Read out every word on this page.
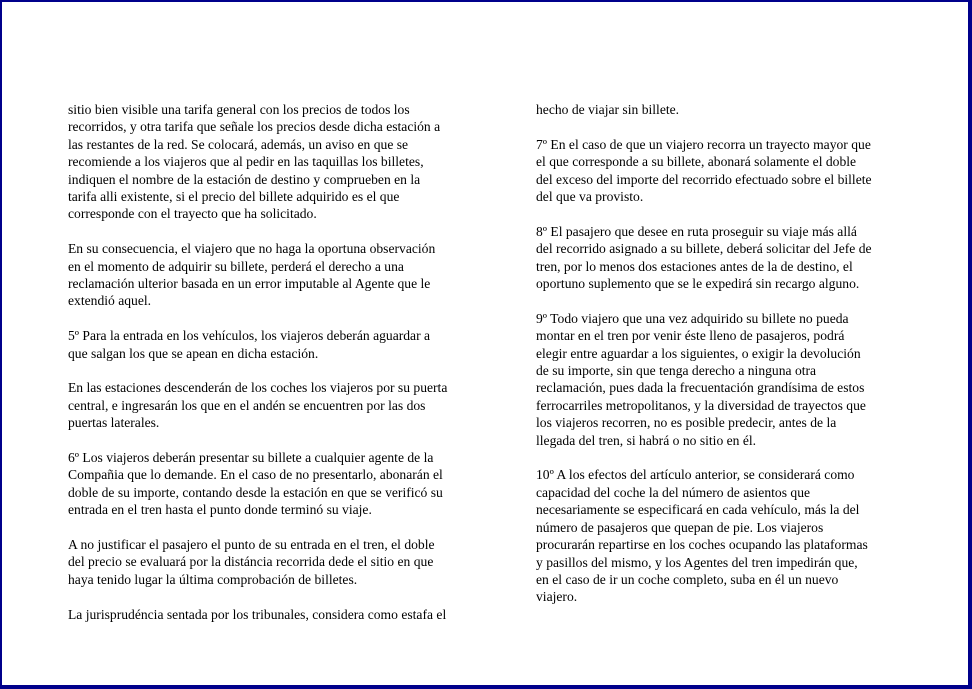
sitio bien visible una tarifa general con los precios de todos los
recorridos, y otra tarifa que señale los precios desde dicha estación a
las restantes de la red. Se colocará, además, un aviso en que se
recomiende a los viajeros que al pedir en las taquillas los billetes,
indiquen el nombre de la estación de destino y comprueben en la
tarifa alli existente, si el precio del billete adquirido es el que
corresponde con el trayecto que ha solicitado.

En su consecuencia, el viajero que no haga la oportuna observación
en el momento de adquirir su billete, perderá el derecho a una
reclamación ulterior basada en un error imputable al Agente que le
extendió aquel.

5º Para la entrada en los vehículos, los viajeros deberán aguardar a
que salgan los que se apean en dicha estación.

En las estaciones descenderán de los coches los viajeros por su puerta
central, e ingresarán los que en el andén se encuentren por las dos
puertas laterales.

6º Los viajeros deberán presentar su billete a cualquier agente de la
Compañia que lo demande. En el caso de no presentarlo, abonarán el
doble de su importe, contando desde la estación en que se verificó su
entrada en el tren hasta el punto donde terminó su viaje.

A no justificar el pasajero el punto de su entrada en el tren, el doble
del precio se evaluará por la distáncia recorrida dede el sitio en que
haya tenido lugar la última comprobación de billetes.

La jurisprudéncia sentada por los tribunales, considera como estafa el

hecho de viajar sin billete.

7º En el caso de que un viajero recorra un trayecto mayor que
el que corresponde a su billete, abonará solamente el doble
del exceso del importe del recorrido efectuado sobre el billete
del que va provisto.

8º El pasajero que desee en ruta proseguir su viaje más allá
del recorrido asignado a su billete, deberá solicitar del Jefe de
tren, por lo menos dos estaciones antes de la de destino, el
oportuno suplemento que se le expedirá sin recargo alguno.

9º Todo viajero que una vez adquirido su billete no pueda
montar en el tren por venir éste lleno de pasajeros, podrá
elegir entre aguardar a los siguientes, o exigir la devolución
de su importe, sin que tenga derecho a ninguna otra
reclamación, pues dada la frecuentación grandísima de estos
ferrocarriles metropolitanos, y la diversidad de trayectos que
los viajeros recorren, no es posible predecir, antes de la
llegada del tren, si habrá o no sitio en él.

10º A los efectos del artículo anterior, se considerará como
capacidad del coche la del número de asientos que
necesariamente se especificará en cada vehículo, más la del
número de pasajeros que quepan de pie. Los viajeros
procurarán repartirse en los coches ocupando las plataformas
y pasillos del mismo, y los Agentes del tren impedirán que,
en el caso de ir un coche completo, suba en él un nuevo
viajero.
